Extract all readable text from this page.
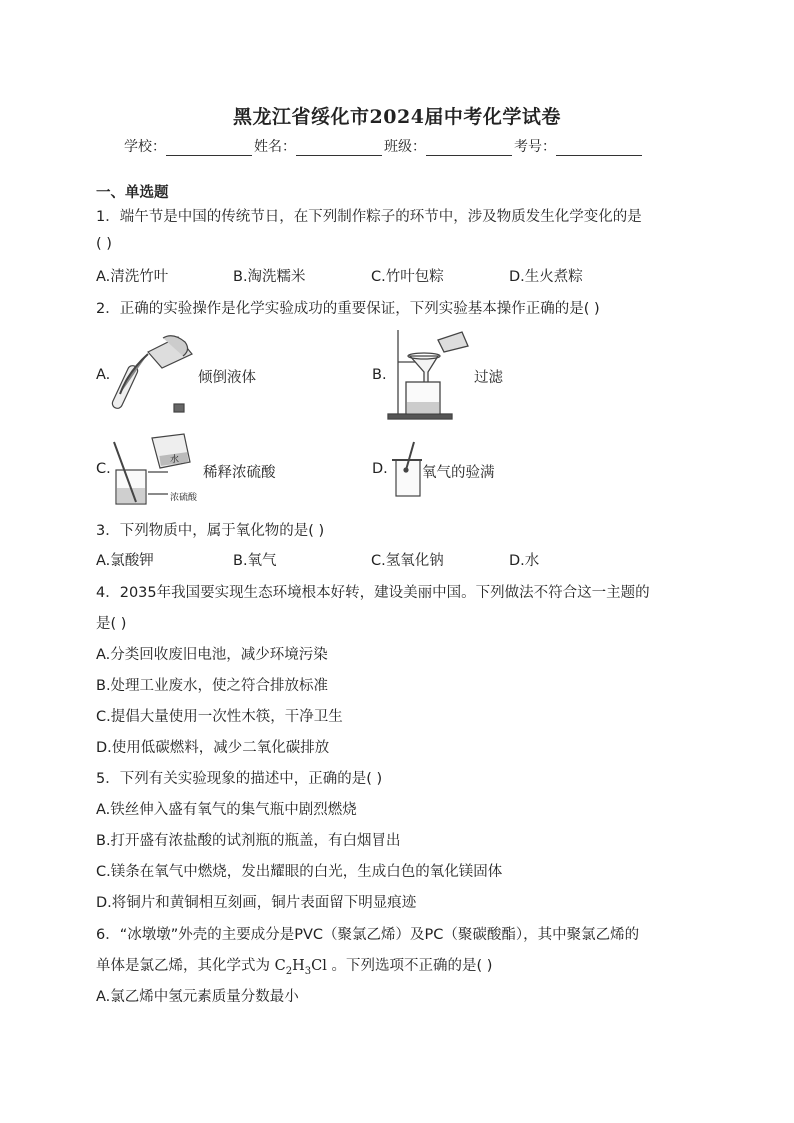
黑龙江省绥化市2024届中考化学试卷
学校：	姓名：	班级：	考号：
一、单选题
1．端午节是中国的传统节日，在下列制作粽子的环节中，涉及物质发生化学变化的是
( )
A.清洗竹叶	B.淘洗糯米	C.竹叶包粽	D.生火煮粽
2．正确的实验操作是化学实验成功的重要保证，下列实验基本操作正确的是( )
A.	倾倒液体	B.	过滤
C.
水
浓硫酸
稀释浓硫酸	D. 氧气的验满
3．下列物质中，属于氧化物的是( )
A.氯酸钾	B.氧气	C.氢氧化钠	D.水
4．2035年我国要实现生态环境根本好转，建设美丽中国。下列做法不符合这一主题的
是( )
A.分类回收废旧电池，减少环境污染
B.处理工业废水，使之符合排放标准
C.提倡大量使用一次性木筷，干净卫生
D.使用低碳燃料，减少二氧化碳排放
5．下列有关实验现象的描述中，正确的是( )
A.铁丝伸入盛有氧气的集气瓶中剧烈燃烧
B.打开盛有浓盐酸的试剂瓶的瓶盖，有白烟冒出
C.镁条在氧气中燃烧，发出耀眼的白光，生成白色的氧化镁固体
D.将铜片和黄铜相互刻画，铜片表面留下明显痕迹
6．“冰墩墩”外壳的主要成分是PVC（聚氯乙烯）及PC（聚碳酸酯），其中聚氯乙烯的
单体是氯乙烯，其化学式为 $C_2H_3Cl$ 。下列选项不正确的是( )
A.氯乙烯中氢元素质量分数最小
